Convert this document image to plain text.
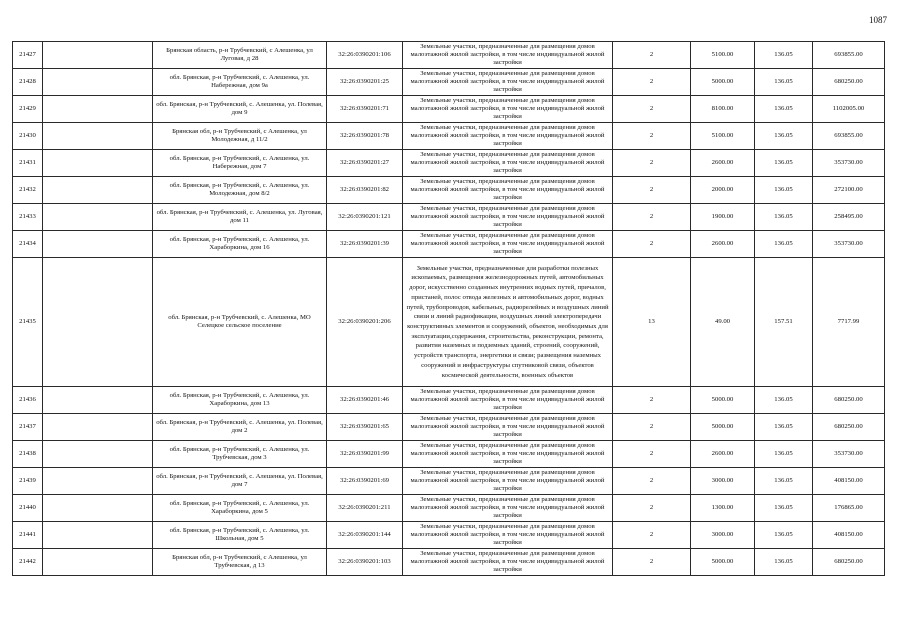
1087
21427		Брянская область, р-н Трубчевский, с Алешенка, ул Луговая, д 28	32:26:0390201:106	Земельные участки, предназначенные для размещения домов малоэтажной жилой застройки, в том числе индивидуальной жилой застройки	2	5100.00	136.05	693855.00
21428		обл. Брянская, р-н Трубчевский, с. Алешенка, ул. Набережная, дом 9а	32:26:0390201:25	Земельные участки, предназначенные для размещения домов малоэтажной жилой застройки, в том числе индивидуальной жилой застройки	2	5000.00	136.05	680250.00
21429		обл. Брянская, р-н Трубчевский, с. Алешенка, ул. Полевая, дом 9	32:26:0390201:71	Земельные участки, предназначенные для размещения домов малоэтажной жилой застройки, в том числе индивидуальной жилой застройки	2	8100.00	136.05	1102005.00
21430		Брянская обл, р-н Трубчевский, с Алешенка, ул Молодежная, д 11/2	32:26:0390201:78	Земельные участки, предназначенные для размещения домов малоэтажной жилой застройки, в том числе индивидуальной жилой застройки	2	5100.00	136.05	693855.00
21431		обл. Брянская, р-н Трубчевский, с. Алешенка, ул. Набережная, дом 7	32:26:0390201:27	Земельные участки, предназначенные для размещения домов малоэтажной жилой застройки, в том числе индивидуальной жилой застройки	2	2600.00	136.05	353730.00
21432		обл. Брянская, р-н Трубчевский, с. Алешенка, ул. Молодежная, дом 8/2	32:26:0390201:82	Земельные участки, предназначенные для размещения домов малоэтажной жилой застройки, в том числе индивидуальной жилой застройки	2	2000.00	136.05	272100.00
21433		обл. Брянская, р-н Трубчевский, с. Алешенка, ул. Луговая, дом 11	32:26:0390201:121	Земельные участки, предназначенные для размещения домов малоэтажной жилой застройки, в том числе индивидуальной жилой застройки	2	1900.00	136.05	258495.00
21434		обл. Брянская, р-н Трубчевский, с. Алешенка, ул. Хараборкина, дом 16	32:26:0390201:39	Земельные участки, предназначенные для размещения домов малоэтажной жилой застройки, в том числе индивидуальной жилой застройки	2	2600.00	136.05	353730.00
21435		обл. Брянская, р-н Трубчевский, с. Алешенка, МО Селецкое сельское поселение	32:26:0390201:206	Земельные участки, предназначенные для разработки полезных ископаемых, размещения железнодорожных путей, автомобильных дорог, искусственно созданных внутренних водных путей, причалов, пристаней, полос отвода железных и автомобильных дорог, водных путей, трубопроводов, кабельных, радиорелейных и воздушных линий связи и линий радиофикации, воздушных линий электропередачи конструктивных элементов и сооружений, объектов, необходимых для эксплуатации,содержания, строительства, реконструкции, ремонта, развития наземных и подземных зданий, строений, сооружений, устройств транспорта, энергетики и связи; размещения наземных сооружений и инфраструктуры спутниковой связи, объектов космической деятельности, военных объектов	13	49.00	157.51	7717.99
21436		обл. Брянская, р-н Трубчевский, с. Алешенка, ул. Хараборкина, дом 13	32:26:0390201:46	Земельные участки, предназначенные для размещения домов малоэтажной жилой застройки, в том числе индивидуальной жилой застройки	2	5000.00	136.05	680250.00
21437		обл. Брянская, р-н Трубчевский, с. Алешенка, ул. Полевая, дом 2	32:26:0390201:65	Земельные участки, предназначенные для размещения домов малоэтажной жилой застройки, в том числе индивидуальной жилой застройки	2	5000.00	136.05	680250.00
21438		обл. Брянская, р-н Трубчевский, с. Алешенка, ул. Трубчевская, дом 3	32:26:0390201:99	Земельные участки, предназначенные для размещения домов малоэтажной жилой застройки, в том числе индивидуальной жилой застройки	2	2600.00	136.05	353730.00
21439		обл. Брянская, р-н Трубчевский, с. Алешенка, ул. Полевая, дом 7	32:26:0390201:69	Земельные участки, предназначенные для размещения домов малоэтажной жилой застройки, в том числе индивидуальной жилой застройки	2	3000.00	136.05	408150.00
21440		обл. Брянская, р-н Трубчевский, с. Алешенка, ул. Хараборкина, дом 5	32:26:0390201:211	Земельные участки, предназначенные для размещения домов малоэтажной жилой застройки, в том числе индивидуальной жилой застройки	2	1300.00	136.05	176865.00
21441		обл. Брянская, р-н Трубчевский, с. Алешенка, ул. Школьная, дом 5	32:26:0390201:144	Земельные участки, предназначенные для размещения домов малоэтажной жилой застройки, в том числе индивидуальной жилой застройки	2	3000.00	136.05	408150.00
21442		Брянская обл, р-н Трубчевский, с Алешенка, ул Трубчевская, д 13	32:26:0390201:103	Земельные участки, предназначенные для размещения домов малоэтажной жилой застройки, в том числе индивидуальной жилой застройки	2	5000.00	136.05	680250.00
